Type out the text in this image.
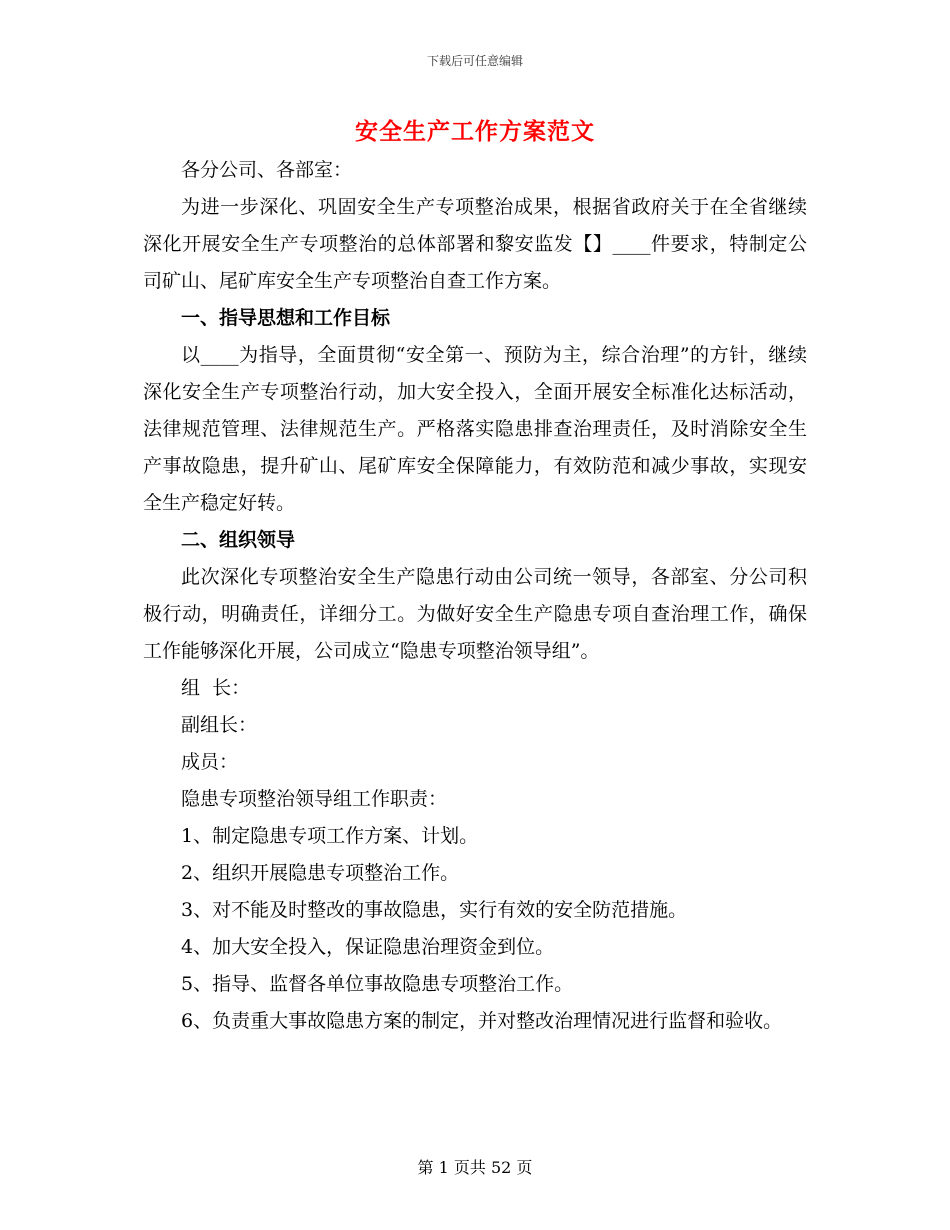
下载后可任意编辑
安全生产工作方案范文

各分公司、各部室：

为进一步深化、巩固安全生产专项整治成果，根据省政府关于在全省继续深化开展安全生产专项整治的总体部署和黎安监发【】____件要求，特制定公司矿山、尾矿库安全生产专项整治自查工作方案。

一、指导思想和工作目标

以____为指导，全面贯彻“安全第一、预防为主，综合治理”的方针，继续深化安全生产专项整治行动，加大安全投入，全面开展安全标准化达标活动，法律规范管理、法律规范生产。严格落实隐患排查治理责任，及时消除安全生产事故隐患，提升矿山、尾矿库安全保障能力，有效防范和减少事故，实现安全生产稳定好转。

二、组织领导

此次深化专项整治安全生产隐患行动由公司统一领导，各部室、分公司积极行动，明确责任，详细分工。为做好安全生产隐患专项自查治理工作，确保工作能够深化开展，公司成立“隐患专项整治领导组”。

组  长：

副组长：

成员：

隐患专项整治领导组工作职责：

1、制定隐患专项工作方案、计划。

2、组织开展隐患专项整治工作。

3、对不能及时整改的事故隐患，实行有效的安全防范措施。

4、加大安全投入，保证隐患治理资金到位。

5、指导、监督各单位事故隐患专项整治工作。

6、负责重大事故隐患方案的制定，并对整改治理情况进行监督和验收。

第 1 页共 52 页
